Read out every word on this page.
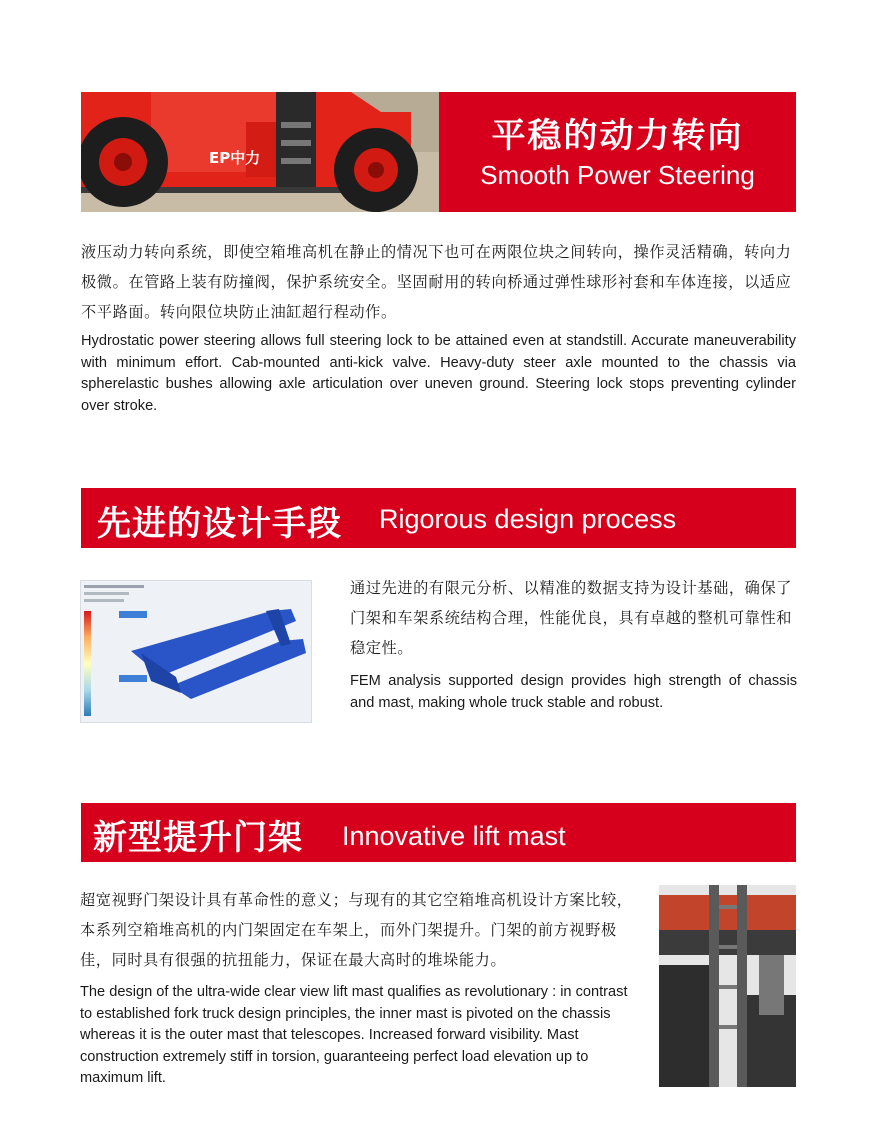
EP中力
平稳的动力转向
Smooth Power Steering

液压动力转向系统，即使空箱堆高机在静止的情况下也可在两限位块之间转向，操作灵活精确，转向力极微。在管路上装有防撞阀，保护系统安全。坚固耐用的转向桥通过弹性球形衬套和车体连接，以适应不平路面。转向限位块防止油缸超行程动作。

Hydrostatic power steering allows full steering lock to be attained even at standstill. Accurate maneuverability with minimum effort. Cab-mounted anti-kick valve. Heavy-duty steer axle mounted to the chassis via spherelastic bushes allowing axle articulation over uneven ground. Steering lock stops preventing cylinder over stroke.

先进的设计手段 Rigorous design process

通过先进的有限元分析、以精准的数据支持为设计基础，确保了门架和车架系统结构合理，性能优良，具有卓越的整机可靠性和稳定性。

FEM analysis supported design provides high strength of chassis and mast, making whole truck stable and robust.

新型提升门架 Innovative lift mast

超宽视野门架设计具有革命性的意义；与现有的其它空箱堆高机设计方案比较，本系列空箱堆高机的内门架固定在车架上，而外门架提升。门架的前方视野极佳，同时具有很强的抗扭能力，保证在最大高时的堆垛能力。

The design of the ultra-wide clear view lift mast qualifies as revolutionary : in contrast to established fork truck design principles, the inner mast is pivoted on the chassis whereas it is the outer mast that telescopes. Increased forward visibility. Mast construction extremely stiff in torsion, guaranteeing perfect load elevation up to maximum lift.
